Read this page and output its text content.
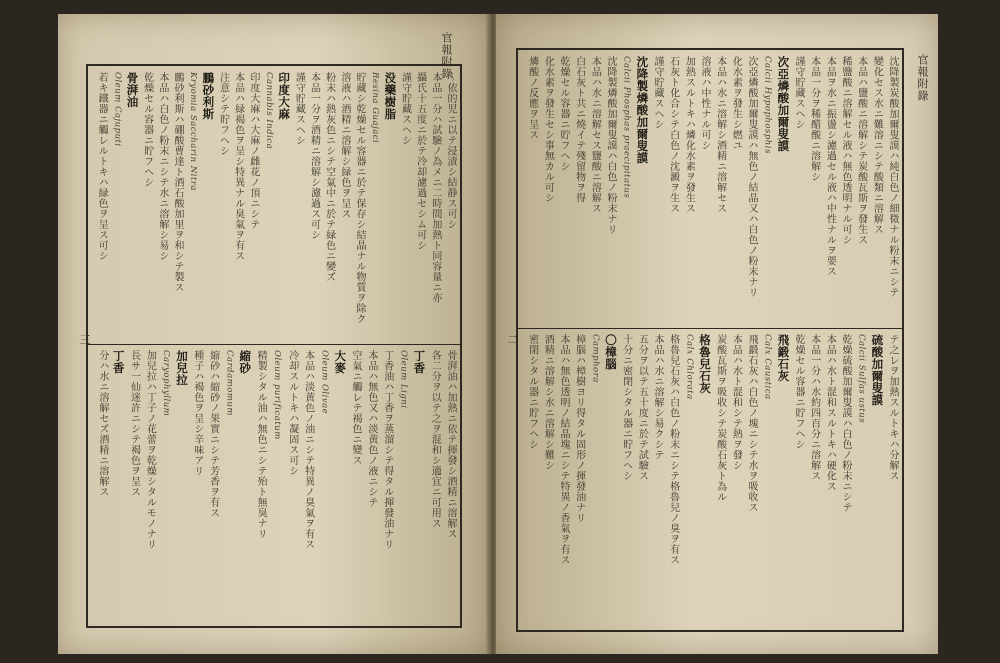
官報附錄
三
～依的児ニ以テ浸漬シ結静ス可シ
本品一分ハ試驗ノ為メニ二時間加熱ト同容量ニ亦
攝氏十五度ニ於テ冷却濾過セシム可シ
謹守貯藏スヘシ
没藥樹脂
Resina Guajaci
貯藏シ乾燥セル容器ニ於テ保存シ結晶ナル物質ヲ除ク
溶液ハ酒精ニ溶解シ緑色ヲ呈ス
粉末ハ熱灰色ニシテ空氣中ニ於テ緑色ニ變ズ
本品一分ヲ酒精ニ溶解シ濾過ス可シ
謹守貯藏スヘシ
印度大麻
Cannabis Indica
印度大麻ハ大麻ノ雌花ノ頂ニシテ
本品ハ緑褐色ヲ呈シ特異ナル臭氣ヲ有ス
注意シテ貯フヘシ
鵬砂利斯
Kryomia Saccharin Nitra
鵬砂利斯ハ硼酸曹達ト酒石酸加里ヲ和シテ製ス
本品ハ白色ノ粉末ニシテ水ニ溶解シ易シ
乾燥セル容器ニ貯フヘシ
骨湃油
Oleum Cajuputi
若キ鐵器ニ觸レルトキハ緑色ヲ呈ス可シ
骨湃油ハ加熱ニ依テ揮發シ酒精ニ溶解ス
各二分ヲ以テ之ヲ混和シ適宜ニ可用ス
丁香
Oleum Ligni
丁香油ハ丁香ヲ蒸溜シテ得タル揮發油ナリ
本品ハ無色又ハ淡黄色ノ液ニシテ
空氣ニ觸レテ褐色ニ變ス
大麥
Oleum Olivae
本品ハ淡黄色ノ油ニシテ特異ノ臭氣ヲ有ス
冷却スルトキハ凝固ス可シ
Oleum purificatum
精製シタル油ハ無色ニシテ殆ト無臭ナリ
縮砂
Cardamomum
縮砂ハ縮砂ノ果實ニシテ芳香ヲ有ス
種子ハ褐色ヲ呈シ辛味アリ
加兒拉
Caryophyllum
加兒拉ハ丁子ノ花蕾ヲ乾燥シタルモノナリ
長サ一仙迷許ニシテ褐色ヲ呈ス
丁香
分ハ水ニ溶解セズ酒精ニ溶解ス
官報附錄
二
沈降製炭酸加爾叟謨ハ純白色ノ細微ナル粉末ニシテ
變化セス水ニ難溶ニシテ酸類ニ溶解ス
本品ハ鹽酸ニ溶解シテ炭酸瓦斯ヲ發生ス
稀鹽酸ニ溶解セル液ハ無色透明ナル可シ
本品ヲ水ニ振盪シ濾過セル液ハ中性ナルヲ要ス
本品一分ヲ稀醋酸ニ溶解シ
謹守貯藏スヘシ
次亞燐酸加爾叟謨
Calcii Hypophosphis
次亞燐酸加爾叟謨ハ無色ノ結晶又ハ白色ノ粉末ナリ
化水素ヲ發生シ燃ユ
本品ハ水ニ溶解シ酒精ニ溶解セス
溶液ハ中性ナル可シ
加熱スルトキハ燐化水素ヲ發生ス
石灰ト化合シテ白色ノ沈澱ヲ生ス
謹守貯藏スヘシ
沈降製燐酸加爾叟謨
Calcii Phosphas praecipitatus
沈降製燐酸加爾叟謨ハ白色ノ粉末ナリ
本品ハ水ニ溶解セス鹽酸ニ溶解ス
白石灰ト共ニ燒イテ殘留物ヲ得
乾燥セル容器ニ貯フヘシ
化水素ヲ發生セシ事無カル可シ
燐酸ノ反應ヲ呈ス
テ之レヲ加熱スルトキハ分解ス
硫酸加爾叟謨
Calcii Sulfas ustus
乾燥硫酸加爾叟謨ハ白色ノ粉末ニシテ
本品ハ水ト混和スルトキハ硬化ス
本品一分ハ水約四百分ニ溶解ス
乾燥セル容器ニ貯フヘシ
飛鍛石灰
Calx Caustica
飛鍛石灰ハ白色ノ塊ニシテ水ヲ吸收ス
本品ハ水ト混和シテ熱ヲ發シ
炭酸瓦斯ヲ吸收シテ炭酸石灰ト為ル
格魯兒石灰
Calx Chlorata
格魯兒石灰ハ白色ノ粉末ニシテ格魯兒ノ臭ヲ有ス
本品ハ水ニ溶解シ易クシテ
五分ヲ以テ五十度ニ於テ試驗ス
十分ニ密閉シタル器ニ貯フヘシ
〇樟腦
Camphora
樟腦ハ樟樹ヨリ得タル固形ノ揮發油ナリ
本品ハ無色透明ノ結晶塊ニシテ特異ノ香氣ヲ有ス
酒精ニ溶解シ水ニ溶解シ難シ
密閉シタル器ニ貯フヘシ
